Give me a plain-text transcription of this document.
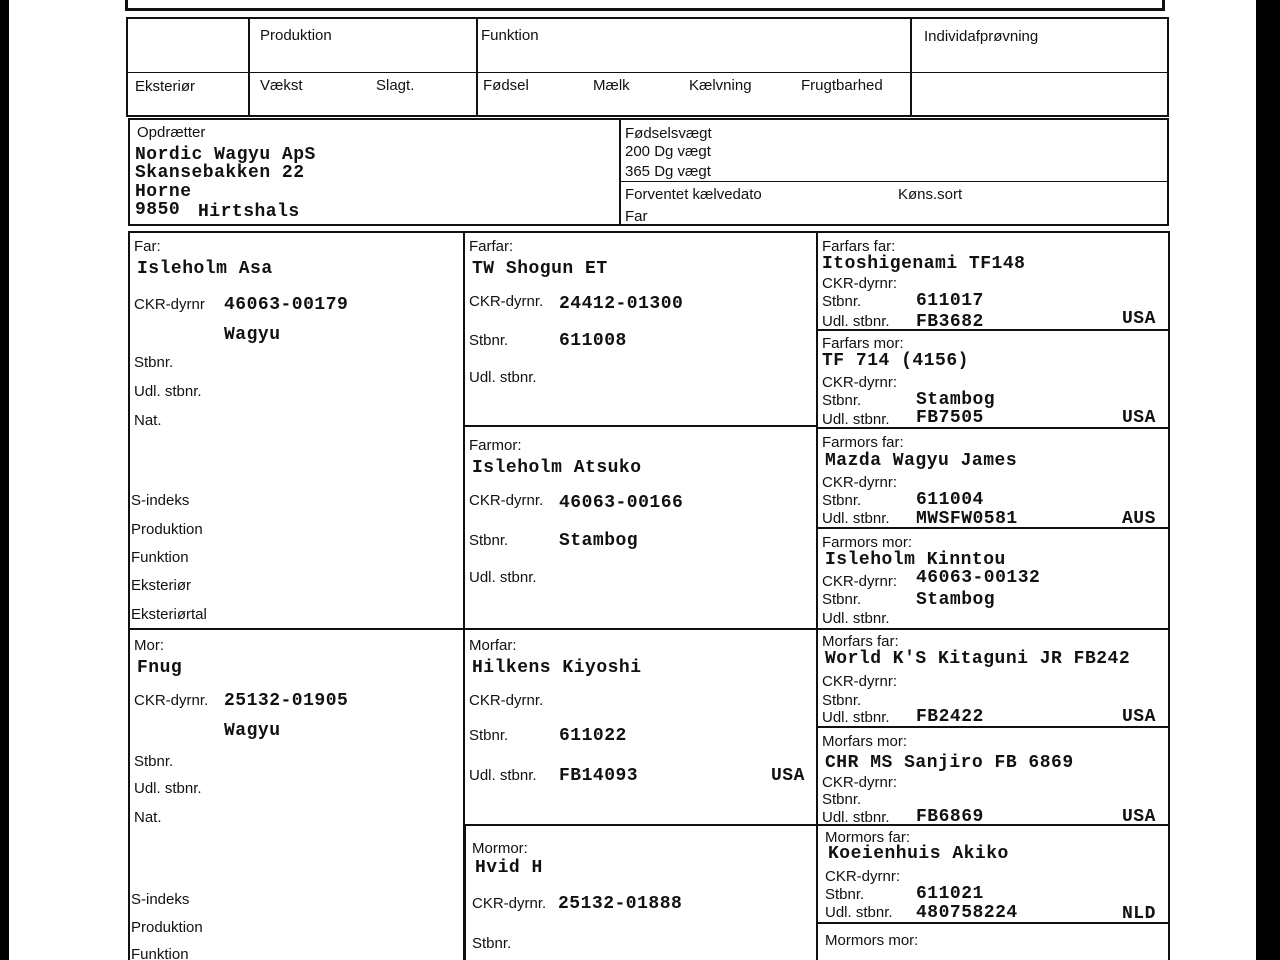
Produktion	Funktion	Individafprøvning
Eksteriør	Vækst	Slagt.	Fødsel	Mælk	Kælvning	Frugtbarhed
Opdrætter
Nordic Wagyu ApS
Skansebakken 22
Horne
9850 Hirtshals
Fødselsvægt
200 Dg vægt
365 Dg vægt
Forventet kælvedato	Køns.sort
Far
Far:
Isleholm Asa
CKR-dyrnr 46063-00179
Wagyu
Stbnr.
Udl. stbnr.
Nat.
S-indeks
Produktion
Funktion
Eksteriør
Eksteriørtal
Mor:
Fnug
CKR-dyrnr. 25132-01905
Wagyu
Stbnr.
Udl. stbnr.
Nat.
S-indeks
Produktion
Funktion
Farfar:
TW Shogun ET
CKR-dyrnr. 24412-01300
Stbnr.	611008
Udl. stbnr.
Farmor:
Isleholm Atsuko
CKR-dyrnr. 46063-00166
Stbnr.	Stambog
Udl. stbnr.
Morfar:
Hilkens Kiyoshi
CKR-dyrnr.
Stbnr.	611022
Udl. stbnr. FB14093	USA
Mormor:
Hvid H
CKR-dyrnr. 25132-01888
Stbnr.
Farfars far:
Itoshigenami TF148
CKR-dyrnr:
Stbnr.	611017
Udl. stbnr. FB3682	USA
Farfars mor:
TF 714 (4156)
CKR-dyrnr:
Stbnr.	Stambog
Udl. stbnr. FB7505	USA
Farmors far:
Mazda Wagyu James
CKR-dyrnr:
Stbnr.	611004
Udl. stbnr. MWSFW0581	AUS
Farmors mor:
Isleholm Kinntou
CKR-dyrnr: 46063-00132
Stbnr.	Stambog
Udl. stbnr.
Morfars far:
World K'S Kitaguni JR FB242
CKR-dyrnr:
Stbnr.
Udl. stbnr. FB2422	USA
Morfars mor:
CHR MS Sanjiro FB 6869
CKR-dyrnr:
Stbnr.
Udl. stbnr. FB6869	USA
Mormors far:
Koeienhuis Akiko
CKR-dyrnr:
Stbnr.	611021
Udl. stbnr. 480758224	NLD
Mormors mor:
